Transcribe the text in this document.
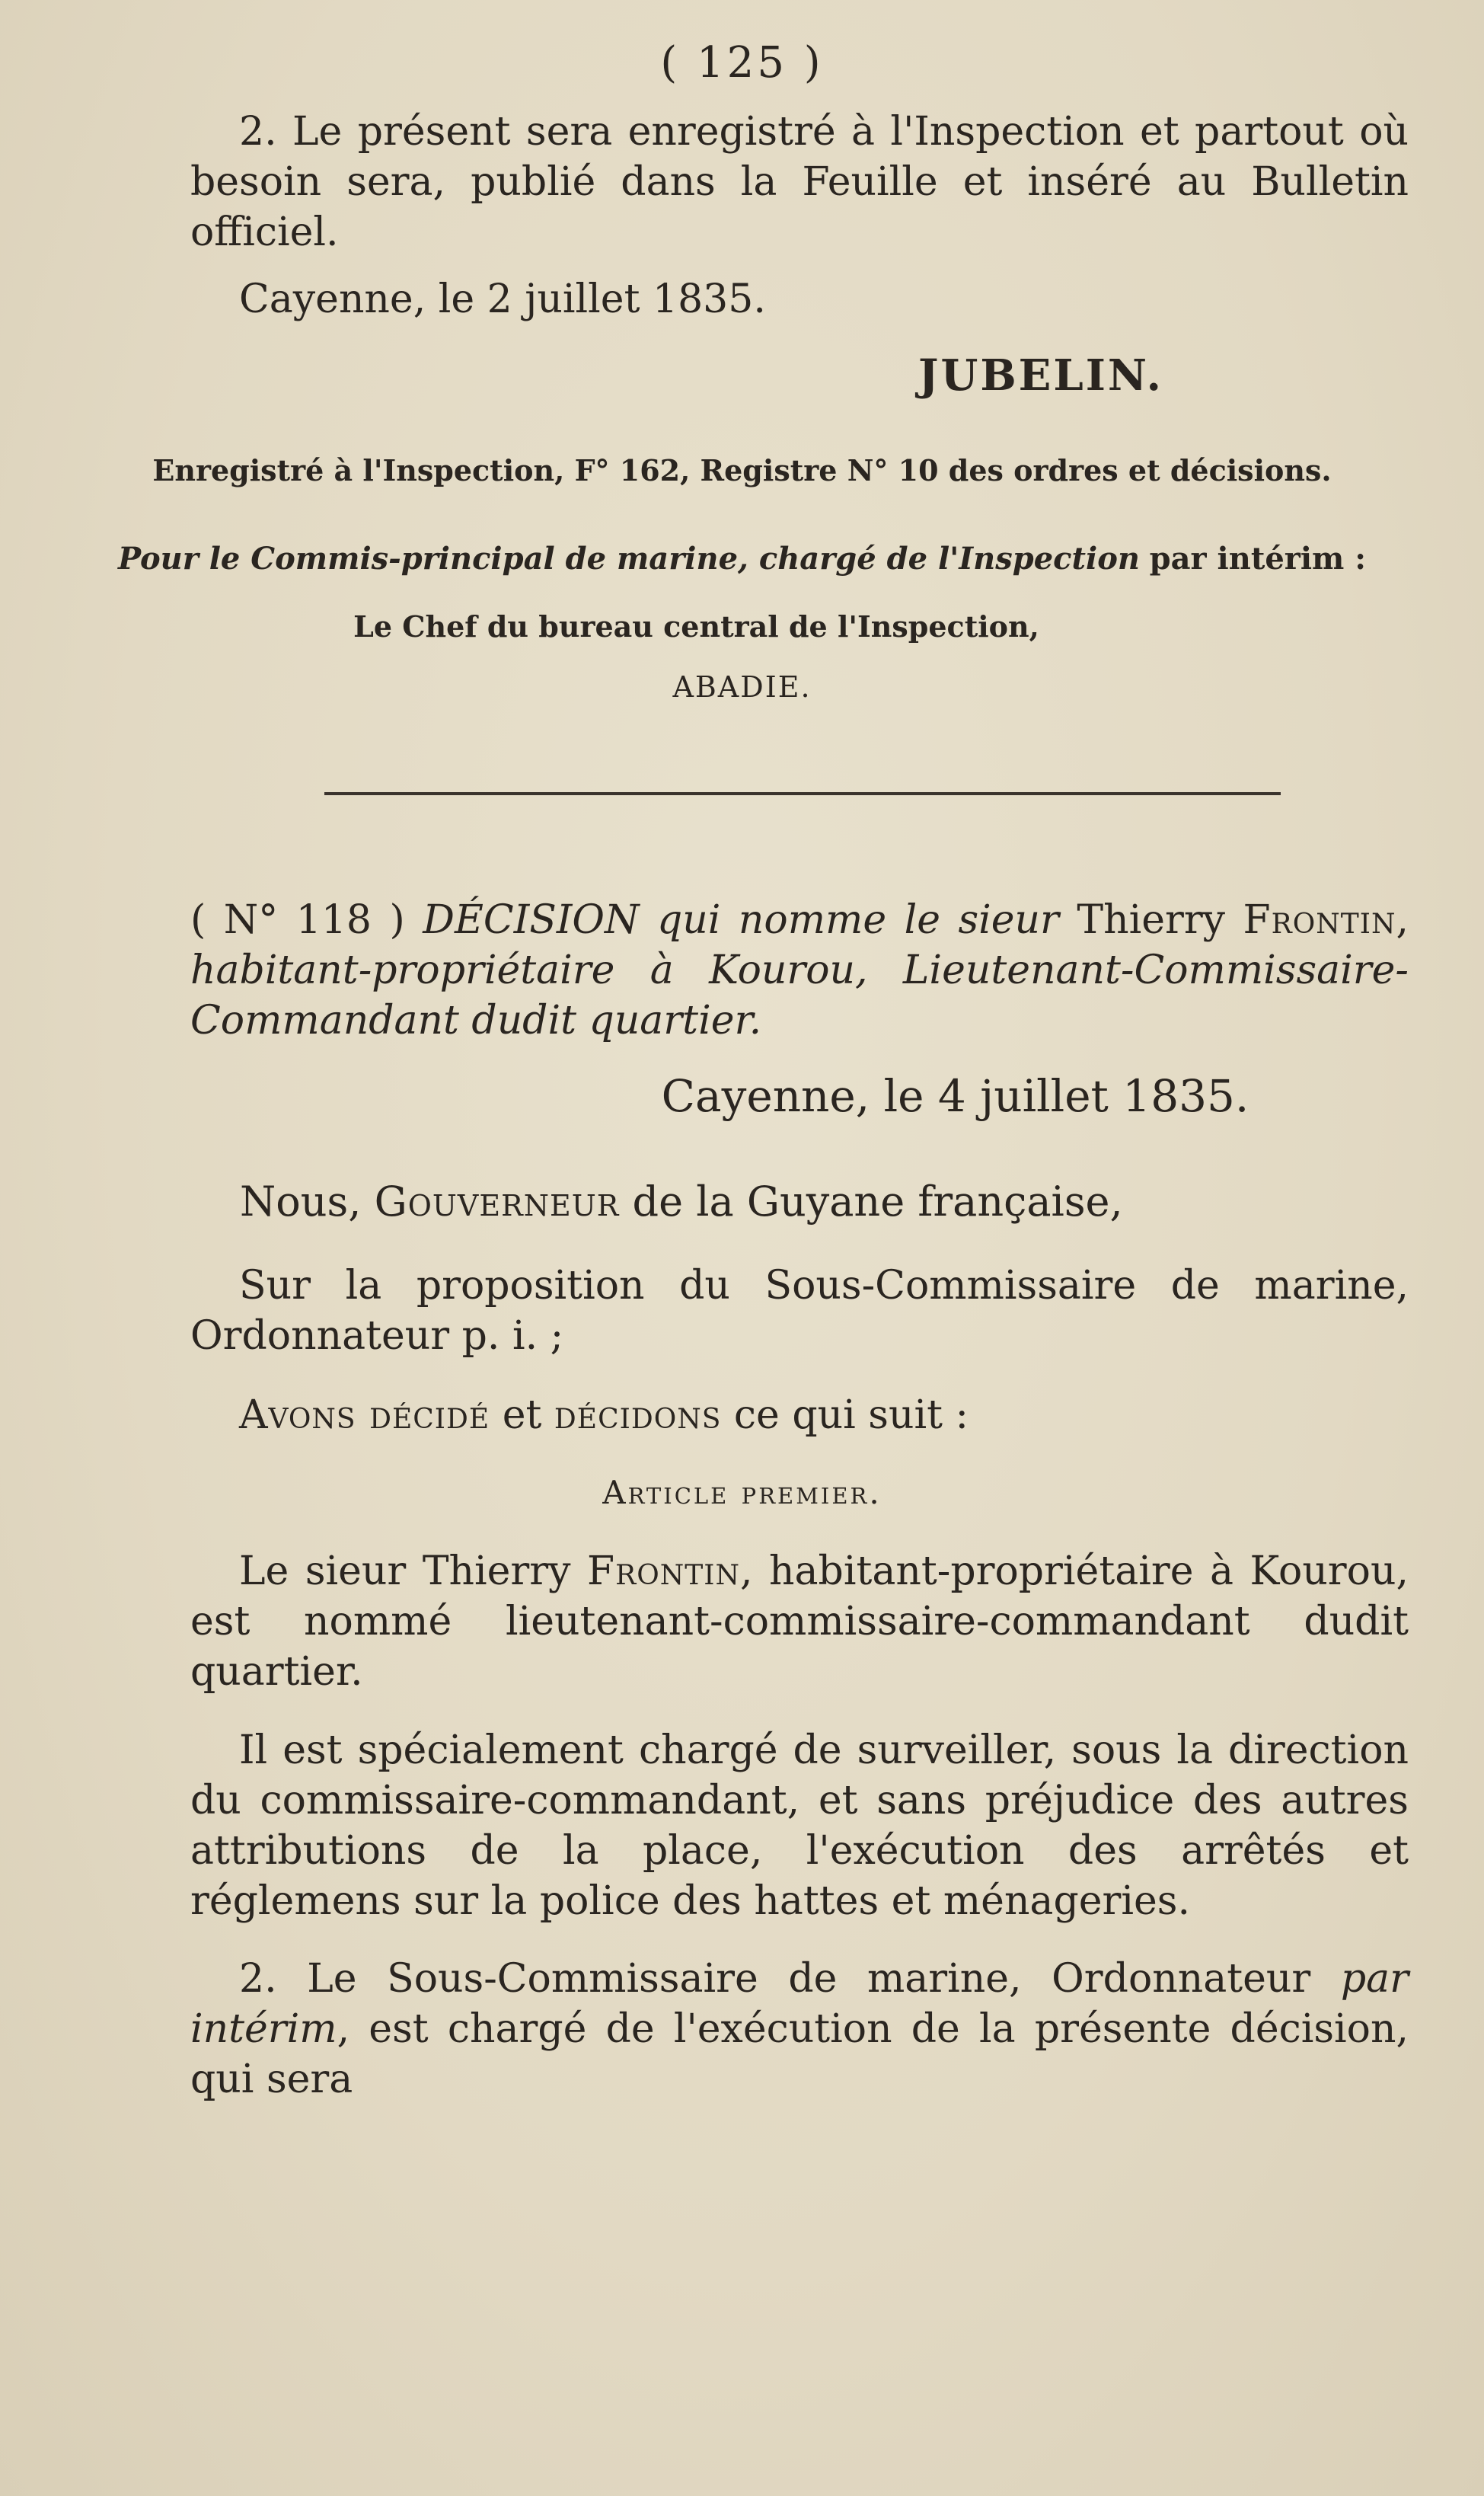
( 125 )

2. Le présent sera enregistré à l'Inspection et partout où besoin sera, publié dans la Feuille et inséré au Bulletin officiel.

Cayenne, le 2 juillet 1835.

JUBELIN.

Enregistré à l'Inspection, F° 162, Registre N° 10 des ordres et décisions.

Pour le Commis-principal de marine, chargé de l'Inspection par intérim :

Le Chef du bureau central de l'Inspection,

ABADIE.

( N° 118 ) DÉCISION qui nomme le sieur Thierry Frontin, habitant-propriétaire à Kourou, Lieutenant-Commissaire-Commandant dudit quartier.

Cayenne, le 4 juillet 1835.

Nous, Gouverneur de la Guyane française,

Sur la proposition du Sous-Commissaire de marine, Ordonnateur p. i. ;

Avons décidé et décidons ce qui suit :

Article premier.

Le sieur Thierry Frontin, habitant-propriétaire à Kourou, est nommé lieutenant-commissaire-commandant dudit quartier.

Il est spécialement chargé de surveiller, sous la direction du commissaire-commandant, et sans préjudice des autres attributions de la place, l'exécution des arrêtés et réglemens sur la police des hattes et ménageries.

2. Le Sous-Commissaire de marine, Ordonnateur par intérim, est chargé de l'exécution de la présente décision, qui sera
